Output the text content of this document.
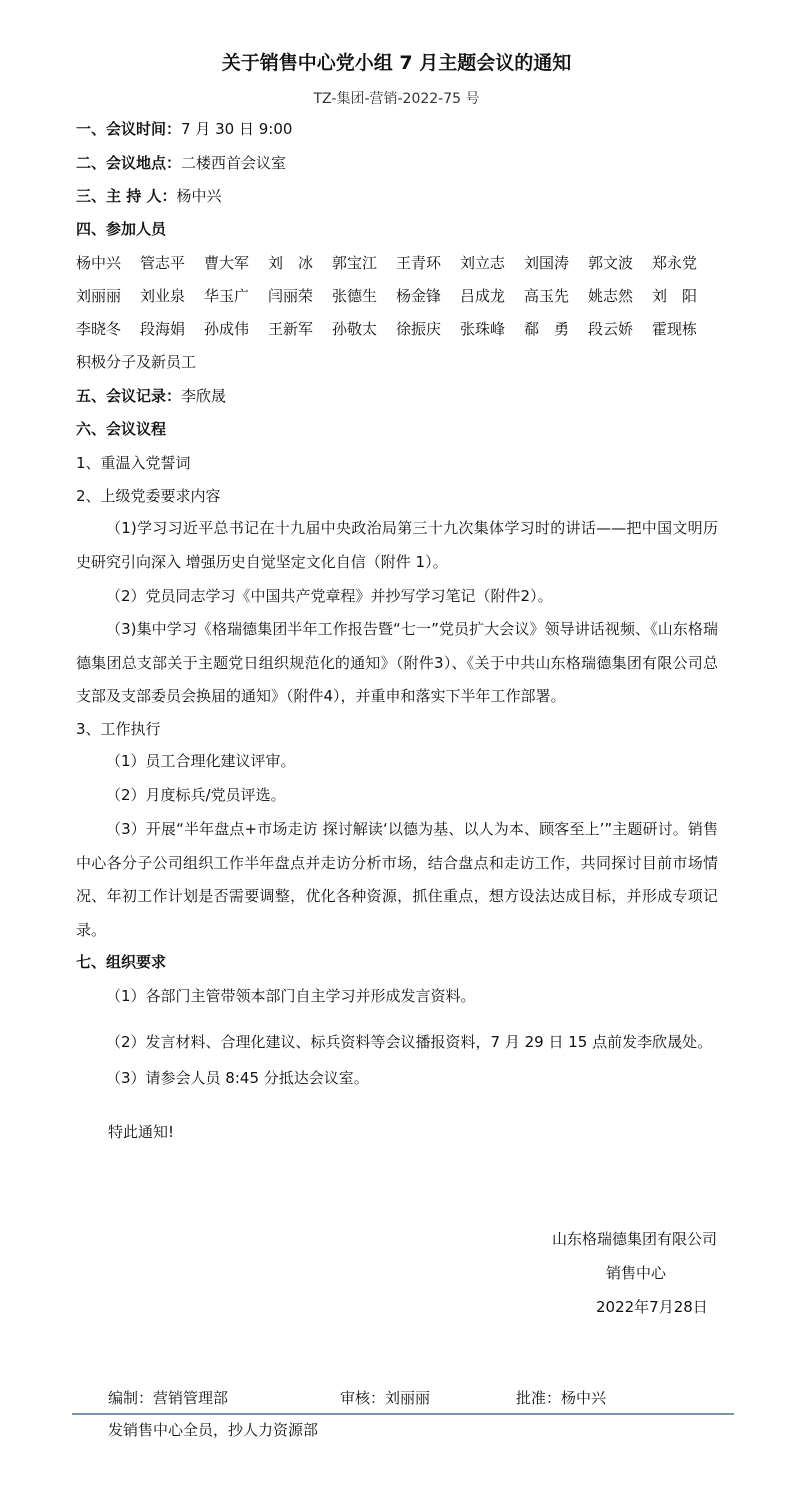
关于销售中心党小组 7 月主题会议的通知
TZ-集团-营销-2022-75 号
一、会议时间：7 月 30 日 9:00
二、会议地点：二楼西首会议室
三、主 持 人：杨中兴
四、参加人员
杨中兴	管志平	曹大军	刘　冰	郭宝江	王青环	刘立志	刘国涛	郭文波	郑永党
刘丽丽	刘业泉	华玉广	闫丽荣	张德生	杨金锋	吕成龙	高玉先	姚志然	刘　阳
李晓冬	段海娟	孙成伟	王新军	孙敬太	徐振庆	张珠峰	郗　勇	段云娇	霍现栋
积极分子及新员工
五、会议记录：李欣晟
六、会议议程
1、重温入党誓词
2、上级党委要求内容
（1)学习习近平总书记在十九届中央政治局第三十九次集体学习时的讲话——把中国文明历史研究引向深入 增强历史自觉坚定文化自信（附件 1）。
（2）党员同志学习《中国共产党章程》并抄写学习笔记（附件2）。
（3)集中学习《格瑞德集团半年工作报告暨“七一”党员扩大会议》领导讲话视频、《山东格瑞德集团总支部关于主题党日组织规范化的通知》（附件3）、《关于中共山东格瑞德集团有限公司总支部及支部委员会换届的通知》（附件4），并重申和落实下半年工作部署。
3、工作执行
（1）员工合理化建议评审。
（2）月度标兵/党员评选。
（3）开展“半年盘点+市场走访 探讨解读‘以德为基、以人为本、顾客至上’”主题研讨。销售中心各分子公司组织工作半年盘点并走访分析市场，结合盘点和走访工作，共同探讨目前市场情况、年初工作计划是否需要调整，优化各种资源，抓住重点，想方设法达成目标，并形成专项记录。
七、组织要求
（1）各部门主管带领本部门自主学习并形成发言资料。
（2）发言材料、合理化建议、标兵资料等会议播报资料，7 月 29 日 15 点前发李欣晟处。
（3）请参会人员 8:45 分抵达会议室。
特此通知!
山东格瑞德集团有限公司
销售中心
2022年7月28日
编制：营销管理部	审核：刘丽丽	批准：杨中兴
发销售中心全员，抄人力资源部
